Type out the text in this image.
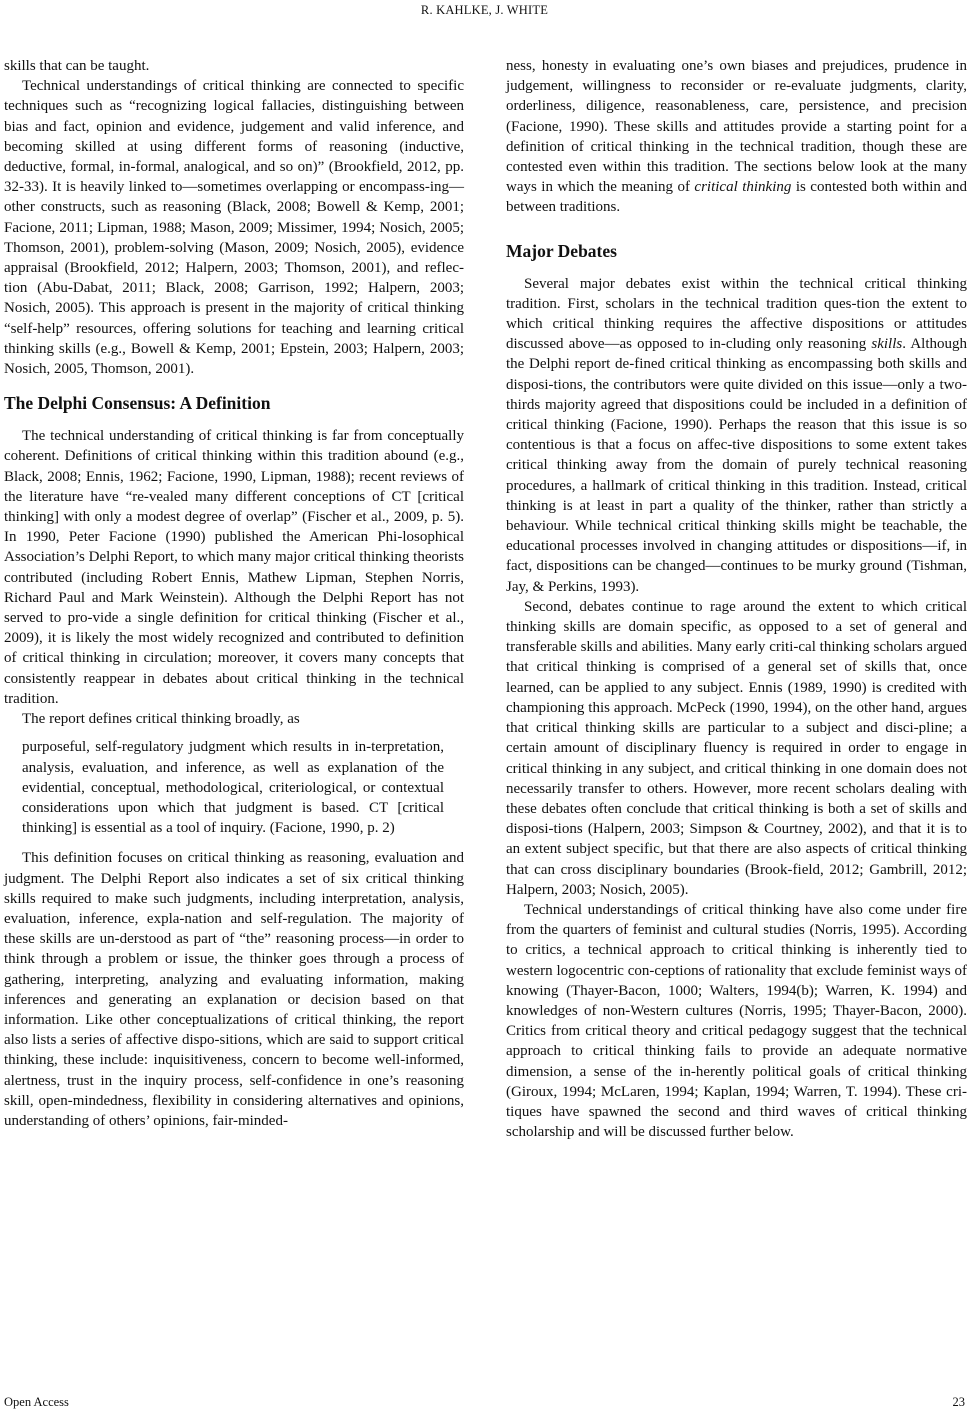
R. KAHLKE, J. WHITE

skills that can be taught.

Technical understandings of critical thinking are connected to specific techniques such as “recognizing logical fallacies, distinguishing between bias and fact, opinion and evidence, judgement and valid inference, and becoming skilled at using different forms of reasoning (inductive, deductive, formal, in-formal, analogical, and so on)” (Brookfield, 2012, pp. 32-33). It is heavily linked to—sometimes overlapping or encompass-ing—other constructs, such as reasoning (Black, 2008; Bowell & Kemp, 2001; Facione, 2011; Lipman, 1988; Mason, 2009; Missimer, 1994; Nosich, 2005; Thomson, 2001), problem-solving (Mason, 2009; Nosich, 2005), evidence appraisal (Brookfield, 2012; Halpern, 2003; Thomson, 2001), and reflec-tion (Abu-Dabat, 2011; Black, 2008; Garrison, 1992; Halpern, 2003; Nosich, 2005). This approach is present in the majority of critical thinking “self-help” resources, offering solutions for teaching and learning critical thinking skills (e.g., Bowell & Kemp, 2001; Epstein, 2003; Halpern, 2003; Nosich, 2005, Thomson, 2001).

The Delphi Consensus: A Definition

The technical understanding of critical thinking is far from conceptually coherent. Definitions of critical thinking within this tradition abound (e.g., Black, 2008; Ennis, 1962; Facione, 1990, Lipman, 1988); recent reviews of the literature have “re-vealed many different conceptions of CT [critical thinking] with only a modest degree of overlap” (Fischer et al., 2009, p. 5). In 1990, Peter Facione (1990) published the American Phi-losophical Association’s Delphi Report, to which many major critical thinking theorists contributed (including Robert Ennis, Mathew Lipman, Stephen Norris, Richard Paul and Mark Weinstein). Although the Delphi Report has not served to pro-vide a single definition for critical thinking (Fischer et al., 2009), it is likely the most widely recognized and contributed to definition of critical thinking in circulation; moreover, it covers many concepts that consistently reappear in debates about critical thinking in the technical tradition.

The report defines critical thinking broadly, as

purposeful, self-regulatory judgment which results in in-terpretation, analysis, evaluation, and inference, as well as explanation of the evidential, conceptual, methodological, criteriological, or contextual considerations upon which that judgment is based. CT [critical thinking] is essential as a tool of inquiry. (Facione, 1990, p. 2)

This definition focuses on critical thinking as reasoning, evaluation and judgment. The Delphi Report also indicates a set of six critical thinking skills required to make such judgments, including interpretation, analysis, evaluation, inference, expla-nation and self-regulation. The majority of these skills are un-derstood as part of “the” reasoning process—in order to think through a problem or issue, the thinker goes through a process of gathering, interpreting, analyzing and evaluating information, making inferences and generating an explanation or decision based on that information. Like other conceptualizations of critical thinking, the report also lists a series of affective dispo-sitions, which are said to support critical thinking, these include: inquisitiveness, concern to become well-informed, alertness, trust in the inquiry process, self-confidence in one’s reasoning skill, open-mindedness, flexibility in considering alternatives and opinions, understanding of others’ opinions, fair-minded-

ness, honesty in evaluating one’s own biases and prejudices, prudence in judgement, willingness to reconsider or re-evaluate judgments, clarity, orderliness, diligence, reasonableness, care, persistence, and precision (Facione, 1990). These skills and attitudes provide a starting point for a definition of critical thinking in the technical tradition, though these are contested even within this tradition. The sections below look at the many ways in which the meaning of critical thinking is contested both within and between traditions.

Major Debates

Several major debates exist within the technical critical thinking tradition. First, scholars in the technical tradition ques-tion the extent to which critical thinking requires the affective dispositions or attitudes discussed above—as opposed to in-cluding only reasoning skills. Although the Delphi report de-fined critical thinking as encompassing both skills and disposi-tions, the contributors were quite divided on this issue—only a two-thirds majority agreed that dispositions could be included in a definition of critical thinking (Facione, 1990). Perhaps the reason that this issue is so contentious is that a focus on affec-tive dispositions to some extent takes critical thinking away from the domain of purely technical reasoning procedures, a hallmark of critical thinking in this tradition. Instead, critical thinking is at least in part a quality of the thinker, rather than strictly a behaviour. While technical critical thinking skills might be teachable, the educational processes involved in changing attitudes or dispositions—if, in fact, dispositions can be changed—continues to be murky ground (Tishman, Jay, & Perkins, 1993).

Second, debates continue to rage around the extent to which critical thinking skills are domain specific, as opposed to a set of general and transferable skills and abilities. Many early criti-cal thinking scholars argued that critical thinking is comprised of a general set of skills that, once learned, can be applied to any subject. Ennis (1989, 1990) is credited with championing this approach. McPeck (1990, 1994), on the other hand, argues that critical thinking skills are particular to a subject and disci-pline; a certain amount of disciplinary fluency is required in order to engage in critical thinking in any subject, and critical thinking in one domain does not necessarily transfer to others. However, more recent scholars dealing with these debates often conclude that critical thinking is both a set of skills and disposi-tions (Halpern, 2003; Simpson & Courtney, 2002), and that it is to an extent subject specific, but that there are also aspects of critical thinking that can cross disciplinary boundaries (Brook-field, 2012; Gambrill, 2012; Halpern, 2003; Nosich, 2005).

Technical understandings of critical thinking have also come under fire from the quarters of feminist and cultural studies (Norris, 1995). According to critics, a technical approach to critical thinking is inherently tied to western logocentric con-ceptions of rationality that exclude feminist ways of knowing (Thayer-Bacon, 1000; Walters, 1994(b); Warren, K. 1994) and knowledges of non-Western cultures (Norris, 1995; Thayer-Bacon, 2000). Critics from critical theory and critical pedagogy suggest that the technical approach to critical thinking fails to provide an adequate normative dimension, a sense of the in-herently political goals of critical thinking (Giroux, 1994; McLaren, 1994; Kaplan, 1994; Warren, T. 1994). These cri-tiques have spawned the second and third waves of critical thinking scholarship and will be discussed further below.

Open Access	23
